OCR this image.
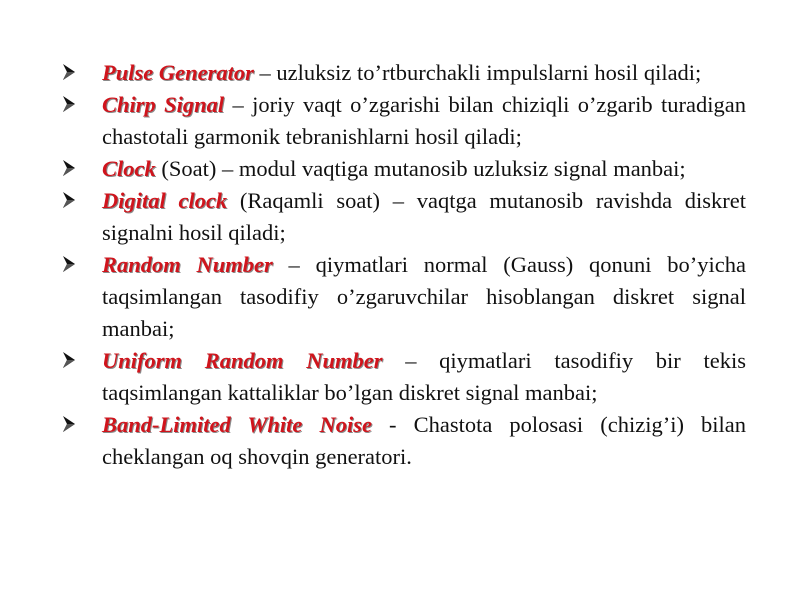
Pulse Generator – uzluksiz to’rtburchakli impulslarni hosil qiladi;
Chirp Signal – joriy vaqt o’zgarishi bilan chiziqli o’zgarib turadigan chastotali garmonik tebranishlarni hosil qiladi;
Clock (Soat) – modul vaqtiga mutanosib uzluksiz signal manbai;
Digital clock (Raqamli soat) – vaqtga mutanosib ravishda diskret signalni hosil qiladi;
Random Number – qiymatlari normal (Gauss) qonuni bo’yicha taqsimlangan tasodifiy o’zgaruvchilar hisoblangan diskret signal manbai;
Uniform Random Number – qiymatlari tasodifiy bir tekis taqsimlangan kattaliklar bo’lgan diskret signal manbai;
Band-Limited White Noise - Chastota polosasi (chizig’i) bilan cheklangan oq shovqin generatori.
